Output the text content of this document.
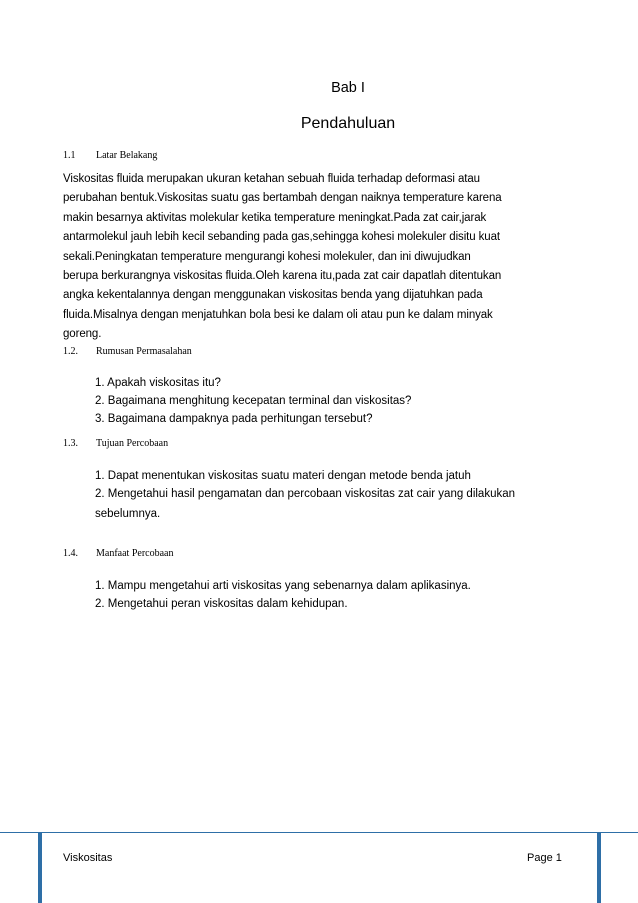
Bab I
Pendahuluan
1.1 Latar Belakang

Viskositas fluida merupakan ukuran ketahan sebuah fluida terhadap deformasi atau
perubahan bentuk.Viskositas suatu gas bertambah dengan naiknya temperature karena
makin besarnya aktivitas molekular ketika temperature meningkat.Pada zat cair,jarak
antarmolekul jauh lebih kecil sebanding pada gas,sehingga kohesi molekuler disitu kuat
sekali.Peningkatan temperature mengurangi kohesi molekuler, dan ini diwujudkan
berupa berkurangnya viskositas fluida.Oleh karena itu,pada zat cair dapatlah ditentukan
angka kekentalannya dengan menggunakan viskositas benda yang dijatuhkan pada
fluida.Misalnya dengan menjatuhkan bola besi ke dalam oli atau pun ke dalam minyak
goreng.

1.2. Rumusan Permasalahan
1. Apakah viskositas itu?
2. Bagaimana menghitung kecepatan terminal dan viskositas?
3. Bagaimana dampaknya pada perhitungan tersebut?
1.3. Tujuan Percobaan
1. Dapat menentukan viskositas suatu materi dengan metode benda jatuh
2. Mengetahui hasil pengamatan dan percobaan viskositas zat cair yang dilakukan
sebelumnya.
1.4. Manfaat Percobaan
1. Mampu mengetahui arti viskositas yang sebenarnya dalam aplikasinya.
2. Mengetahui peran viskositas dalam kehidupan.
Viskositas	Page 1
